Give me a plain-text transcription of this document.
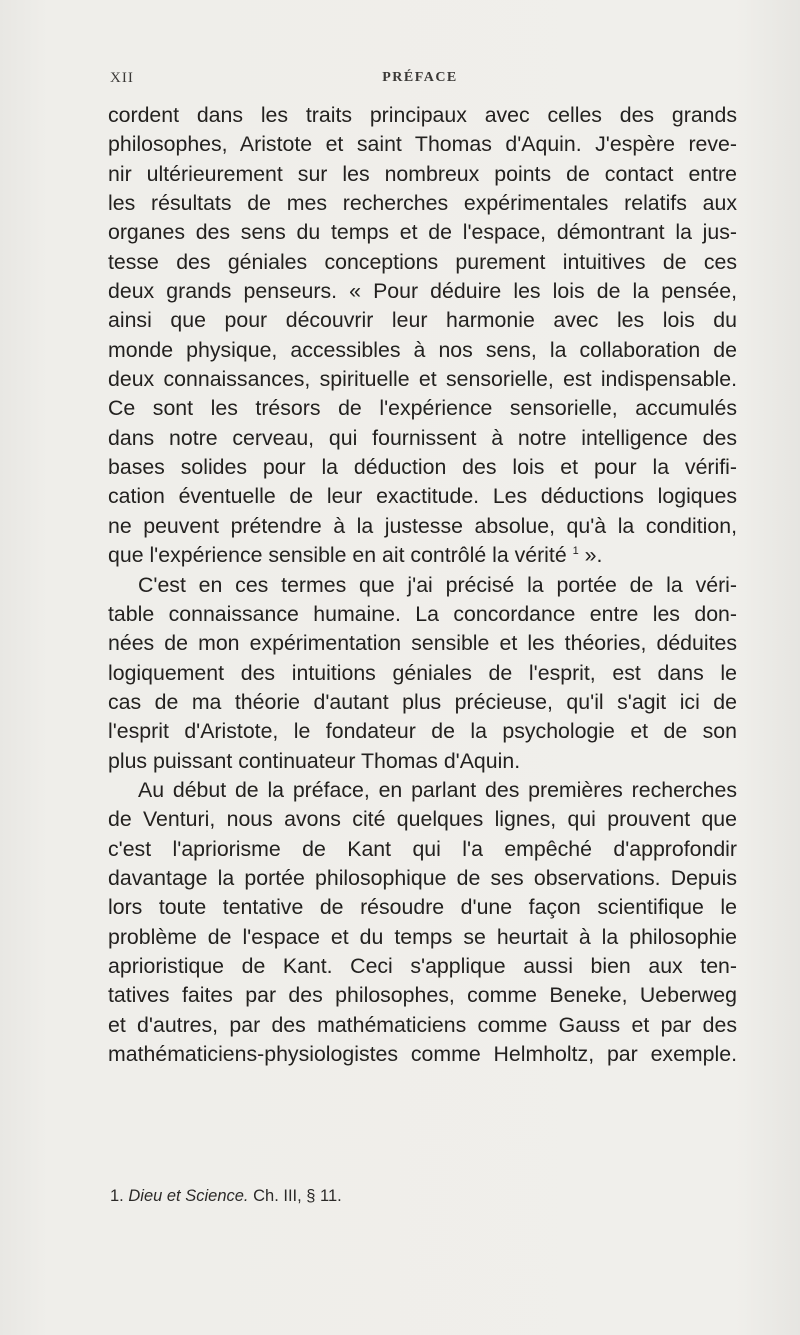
XII	PRÉFACE
cordent dans les traits principaux avec celles des grands
philosophes, Aristote et saint Thomas d'Aquin. J'espère reve-
nir ultérieurement sur les nombreux points de contact entre
les résultats de mes recherches expérimentales relatifs aux
organes des sens du temps et de l'espace, démontrant la jus-
tesse des géniales conceptions purement intuitives de ces
deux grands penseurs. « Pour déduire les lois de la pensée,
ainsi que pour découvrir leur harmonie avec les lois du
monde physique, accessibles à nos sens, la collaboration de
deux connaissances, spirituelle et sensorielle, est indispensable.
Ce sont les trésors de l'expérience sensorielle, accumulés
dans notre cerveau, qui fournissent à notre intelligence des
bases solides pour la déduction des lois et pour la vérifi-
cation éventuelle de leur exactitude. Les déductions logiques
ne peuvent prétendre à la justesse absolue, qu'à la condition,
que l'expérience sensible en ait contrôlé la vérité $^1$ ».
C'est en ces termes que j'ai précisé la portée de la véri-
table connaissance humaine. La concordance entre les don-
nées de mon expérimentation sensible et les théories, déduites
logiquement des intuitions géniales de l'esprit, est dans le
cas de ma théorie d'autant plus précieuse, qu'il s'agit ici de
l'esprit d'Aristote, le fondateur de la psychologie et de son
plus puissant continuateur Thomas d'Aquin.
Au début de la préface, en parlant des premières recherches
de Venturi, nous avons cité quelques lignes, qui prouvent que
c'est l'apriorisme de Kant qui l'a empêché d'approfondir
davantage la portée philosophique de ses observations. Depuis
lors toute tentative de résoudre d'une façon scientifique le
problème de l'espace et du temps se heurtait à la philosophie
aprioristique de Kant. Ceci s'applique aussi bien aux ten-
tatives faites par des philosophes, comme Beneke, Ueberweg
et d'autres, par des mathématiciens comme Gauss et par des
mathématiciens-physiologistes comme Helmholtz, par exemple.
1. Dieu et Science. Ch. III, § 11.
